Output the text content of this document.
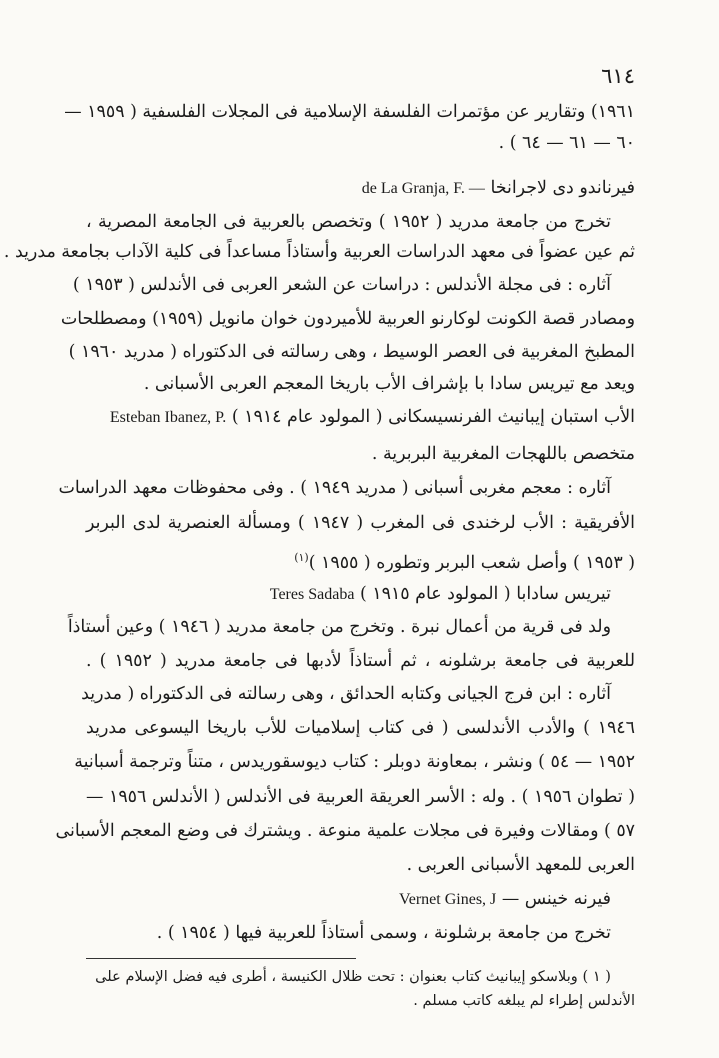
٦١٤
١٩٦١) وتقارير عن مؤتمرات الفلسفة الإسلامية فى المجلات الفلسفية ( ١٩٥٩ —
٦٠ — ٦١ — ٦٤ ) .
فيرناندو دى لاجرانخا de La Granja, F. —
تخرج من جامعة مدريد ( ١٩٥٢ ) وتخصص بالعربية فى الجامعة المصرية ،
ثم عين عضواً فى معهد الدراسات العربية وأستاذاً مساعداً فى كلية الآداب بجامعة مدريد .
آثاره : فى مجلة الأندلس : دراسات عن الشعر العربى فى الأندلس ( ١٩٥٣ )
ومصادر قصة الكونت لوكارنو العربية للأميردون خوان مانويل (١٩٥٩) ومصطلحات
المطبخ المغربية فى العصر الوسيط ، وهى رسالته فى الدكتوراه ( مدريد ١٩٦٠ )
ويعد مع تيريس سادا با بإشراف الأب باريخا المعجم العربى الأسبانى .
الأب استبان إيبانيث الفرنسيسكانى ( المولود عام ١٩١٤ ) Esteban Ibanez, P.
متخصص باللهجات المغربية البربرية .
آثاره : معجم مغربى أسبانى ( مدريد ١٩٤٩ ) . وفى محفوظات معهد الدراسات
الأفريقية : الأب لرخندى فى المغرب ( ١٩٤٧ ) ومسألة العنصرية لدى البربر
( ١٩٥٣ ) وأصل شعب البربر وتطوره ( ١٩٥٥ )$^{(١)}$
تيريس سادابا ( المولود عام ١٩١٥ ) Teres Sadaba
ولد فى قرية من أعمال نبرة . وتخرج من جامعة مدريد ( ١٩٤٦ ) وعين أستاذاً
للعربية فى جامعة برشلونه ، ثم أستاذاً لأدبها فى جامعة مدريد ( ١٩٥٢ ) .
آثاره : ابن فرج الجيانى وكتابه الحدائق ، وهى رسالته فى الدكتوراه ( مدريد
١٩٤٦ ) والأدب الأندلسى ( فى كتاب إسلاميات للأب باريخا اليسوعى مدريد
١٩٥٢ — ٥٤ ) ونشر ، بمعاونة دوبلر : كتاب ديوسقوريدس ، متناً وترجمة أسبانية
( تطوان ١٩٥٦ ) . وله : الأسر العريقة العربية فى الأندلس ( الأندلس ١٩٥٦ —
٥٧ ) ومقالات وفيرة فى مجلات علمية منوعة . ويشترك فى وضع المعجم الأسبانى
العربى للمعهد الأسبانى العربى .
فيرنه خينس — Vernet Gines, J
تخرج من جامعة برشلونة ، وسمى أستاذاً للعربية فيها ( ١٩٥٤ ) .
( ١ ) وبلاسكو إيبانيث كتاب بعنوان : تحت ظلال الكنيسة ، أطرى فيه فضل الإسلام على
الأندلس إطراء لم يبلغه كاتب مسلم .
